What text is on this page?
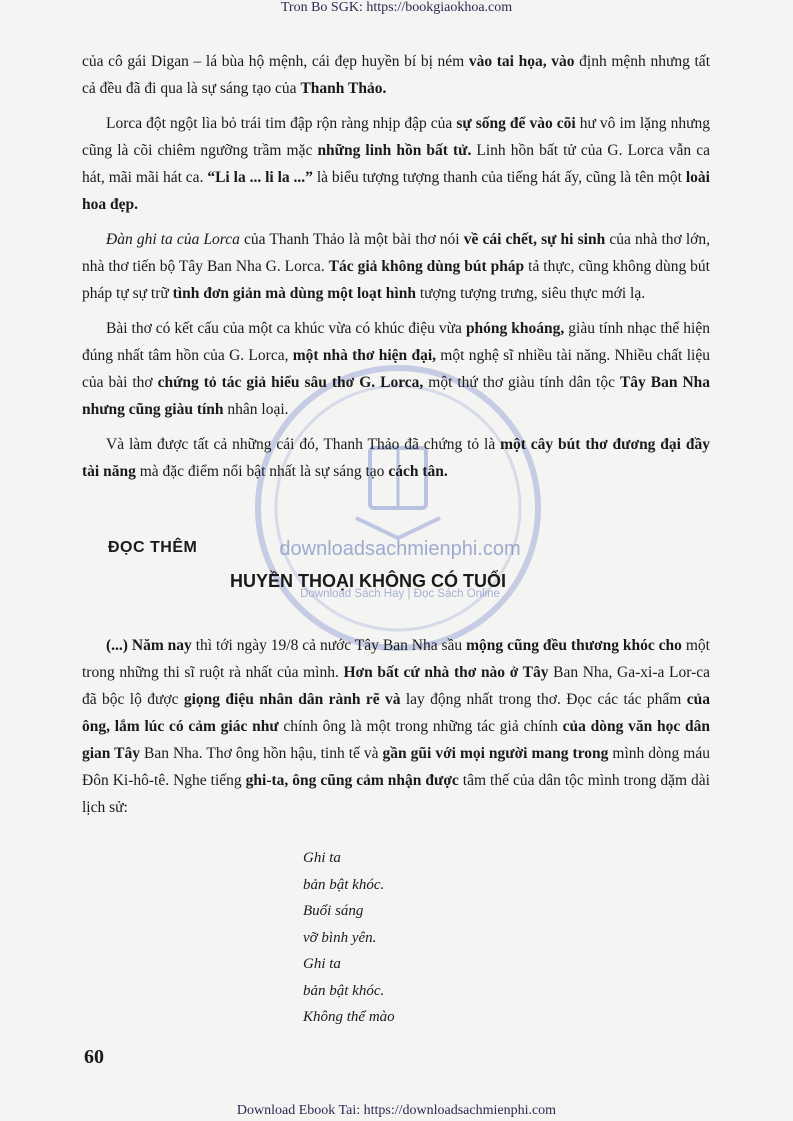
Tron Bo SGK: https://bookgiaokhoa.com
downloadsachmienphi.com
Download Sách Hay | Đọc Sách Online

của cô gái Digan – lá bùa hộ mệnh, cái đẹp huyền bí bị ném vào tai họa, vào định mệnh nhưng tất cả đều đã đi qua là sự sáng tạo của Thanh Thảo.

Lorca đột ngột lìa bỏ trái tim đập rộn ràng nhịp đập của sự sống để vào cõi hư vô im lặng nhưng cũng là cõi chiêm ngưỡng trầm mặc những linh hồn bất tử. Linh hồn bất tử của G. Lorca vẫn ca hát, mãi mãi hát ca. “Li la ... li la ...” là biểu tượng tượng thanh của tiếng hát ấy, cũng là tên một loài hoa đẹp.

Đàn ghi ta của Lorca của Thanh Thảo là một bài thơ nói về cái chết, sự hi sinh của nhà thơ lớn, nhà thơ tiến bộ Tây Ban Nha G. Lorca. Tác giả không dùng bút pháp tả thực, cũng không dùng bút pháp tự sự trữ tình đơn giản mà dùng một loạt hình tượng tượng trưng, siêu thực mới lạ.

Bài thơ có kết cấu của một ca khúc vừa có khúc điệu vừa phóng khoáng, giàu tính nhạc thể hiện đúng nhất tâm hồn của G. Lorca, một nhà thơ hiện đại, một nghệ sĩ nhiều tài năng. Nhiều chất liệu của bài thơ chứng tỏ tác giả hiểu sâu thơ G. Lorca, một thứ thơ giàu tính dân tộc Tây Ban Nha nhưng cũng giàu tính nhân loại.

Và làm được tất cả những cái đó, Thanh Thảo đã chứng tỏ là một cây bút thơ đương đại đầy tài năng mà đặc điểm nổi bật nhất là sự sáng tạo cách tân.

ĐỌC THÊM
HUYỀN THOẠI KHÔNG CÓ TUỔI

(...) Năm nay thì tới ngày 19/8 cả nước Tây Ban Nha sầu mộng cũng đều thương khóc cho một trong những thi sĩ ruột rà nhất của mình. Hơn bất cứ nhà thơ nào ở Tây Ban Nha, Ga-xi-a Lor-ca đã bộc lộ được giọng điệu nhân dân rành rẽ và lay động nhất trong thơ. Đọc các tác phẩm của ông, lắm lúc có cảm giác như chính ông là một trong những tác giả chính của dòng văn học dân gian Tây Ban Nha. Thơ ông hồn hậu, tinh tế và gần gũi với mọi người mang trong mình dòng máu Đôn Ki-hô-tê. Nghe tiếng ghi-ta, ông cũng cảm nhận được tâm thế của dân tộc mình trong dặm dài lịch sử:

Ghi ta
bản bật khóc.
Buổi sáng
vỡ bình yên.
Ghi ta
bản bật khóc.
Không thể mào
60
Download Ebook Tai: https://downloadsachmienphi.com
